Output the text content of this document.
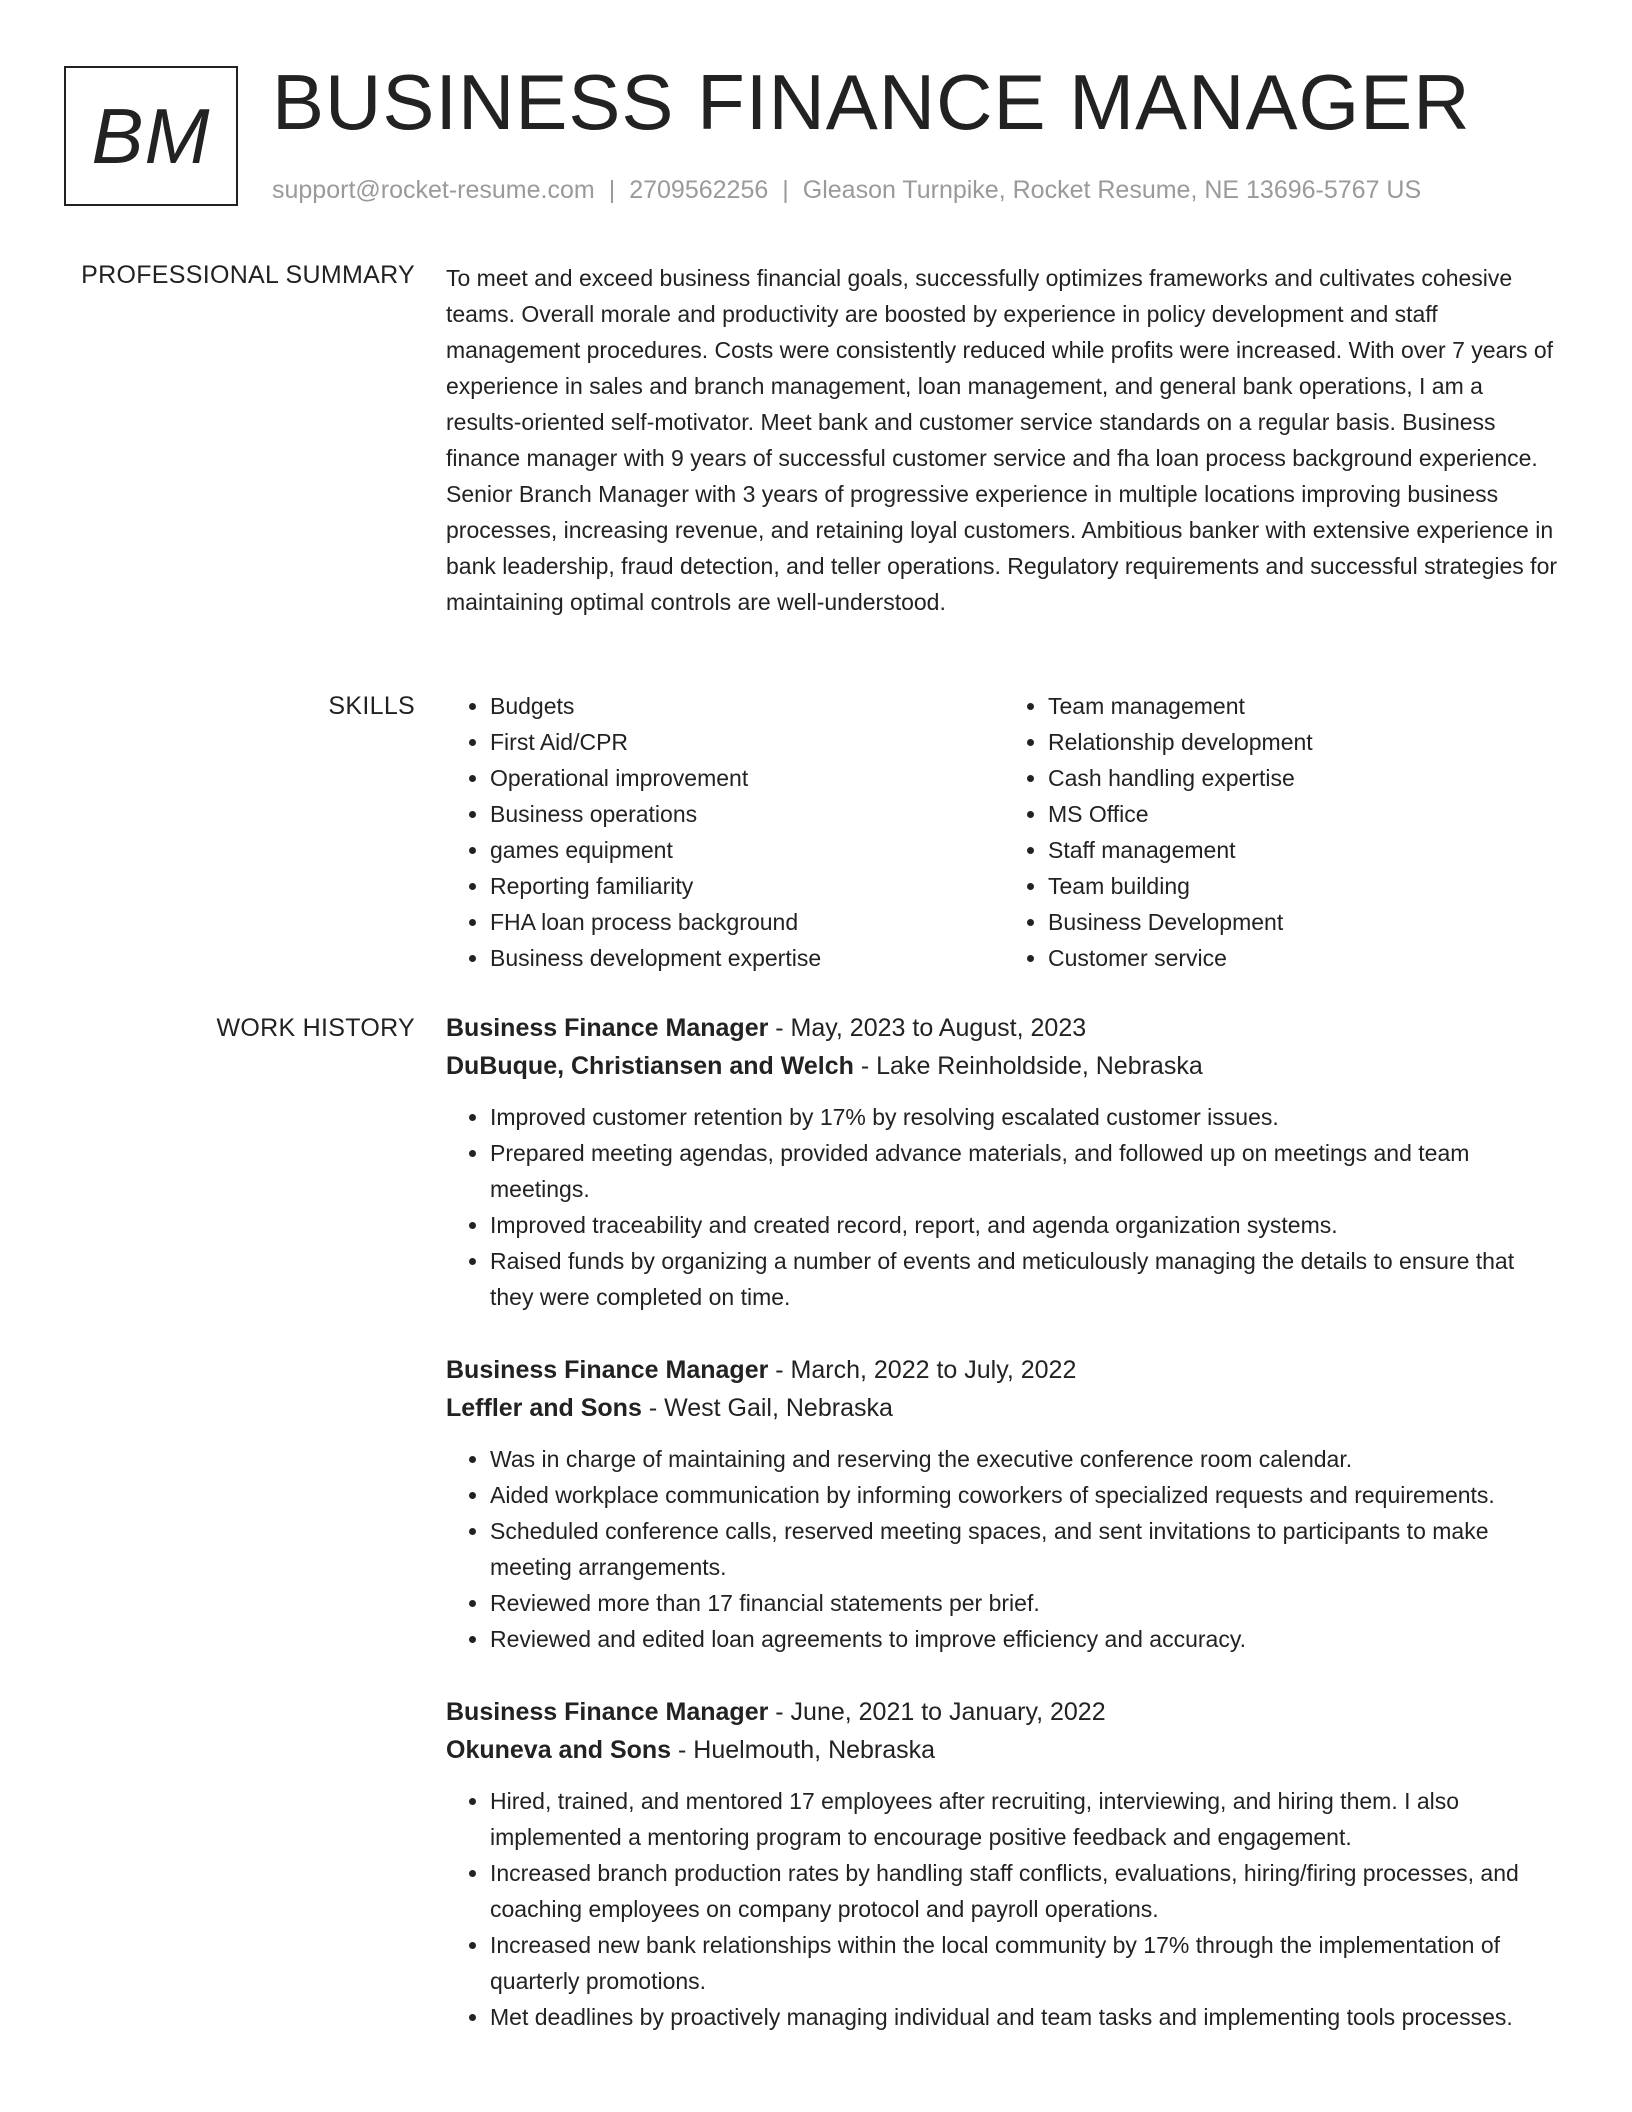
BM BUSINESS FINANCE MANAGER
support@rocket-resume.com | 2709562256 | Gleason Turnpike, Rocket Resume, NE 13696-5767 US
PROFESSIONAL SUMMARY To meet and exceed business financial goals, successfully optimizes frameworks and cultivates cohesive teams. Overall morale and productivity are boosted by experience in policy development and staff management procedures. Costs were consistently reduced while profits were increased. With over 7 years of experience in sales and branch management, loan management, and general bank operations, I am a results-oriented self-motivator. Meet bank and customer service standards on a regular basis. Business finance manager with 9 years of successful customer service and fha loan process background experience. Senior Branch Manager with 3 years of progressive experience in multiple locations improving business processes, increasing revenue, and retaining loyal customers. Ambitious banker with extensive experience in bank leadership, fraud detection, and teller operations. Regulatory requirements and successful strategies for maintaining optimal controls are well-understood.

SKILLS
•	Budgets
• First Aid/CPR
• Operational improvement
• Business operations
• games equipment
• Reporting familiarity
• FHA loan process background
• Business development expertise
• Team management
• Relationship development
• Cash handling expertise
• MS Office
• Staff management
• Team building
• Business Development
• Customer service
WORK HISTORY Business Finance Manager - May, 2023 to August, 2023
DuBuque, Christiansen and Welch - Lake Reinholdside, Nebraska
• Improved customer retention by 17% by resolving escalated customer issues.
• Prepared meeting agendas, provided advance materials, and followed up on meetings and team meetings.
• Improved traceability and created record, report, and agenda organization systems.
• Raised funds by organizing a number of events and meticulously managing the details to ensure that they were completed on time.
Business Finance Manager - March, 2022 to July, 2022
Leffler and Sons - West Gail, Nebraska
• Was in charge of maintaining and reserving the executive conference room calendar.
• Aided workplace communication by informing coworkers of specialized requests and requirements.
• Scheduled conference calls, reserved meeting spaces, and sent invitations to participants to make meeting arrangements.
• Reviewed more than 17 financial statements per brief.
• Reviewed and edited loan agreements to improve efficiency and accuracy.
Business Finance Manager - June, 2021 to January, 2022
Okuneva and Sons - Huelmouth, Nebraska
• Hired, trained, and mentored 17 employees after recruiting, interviewing, and hiring them. I also implemented a mentoring program to encourage positive feedback and engagement.
• Increased branch production rates by handling staff conflicts, evaluations, hiring/firing processes, and coaching employees on company protocol and payroll operations.
• Increased new bank relationships within the local community by 17% through the implementation of quarterly promotions.
• Met deadlines by proactively managing individual and team tasks and implementing tools processes.
